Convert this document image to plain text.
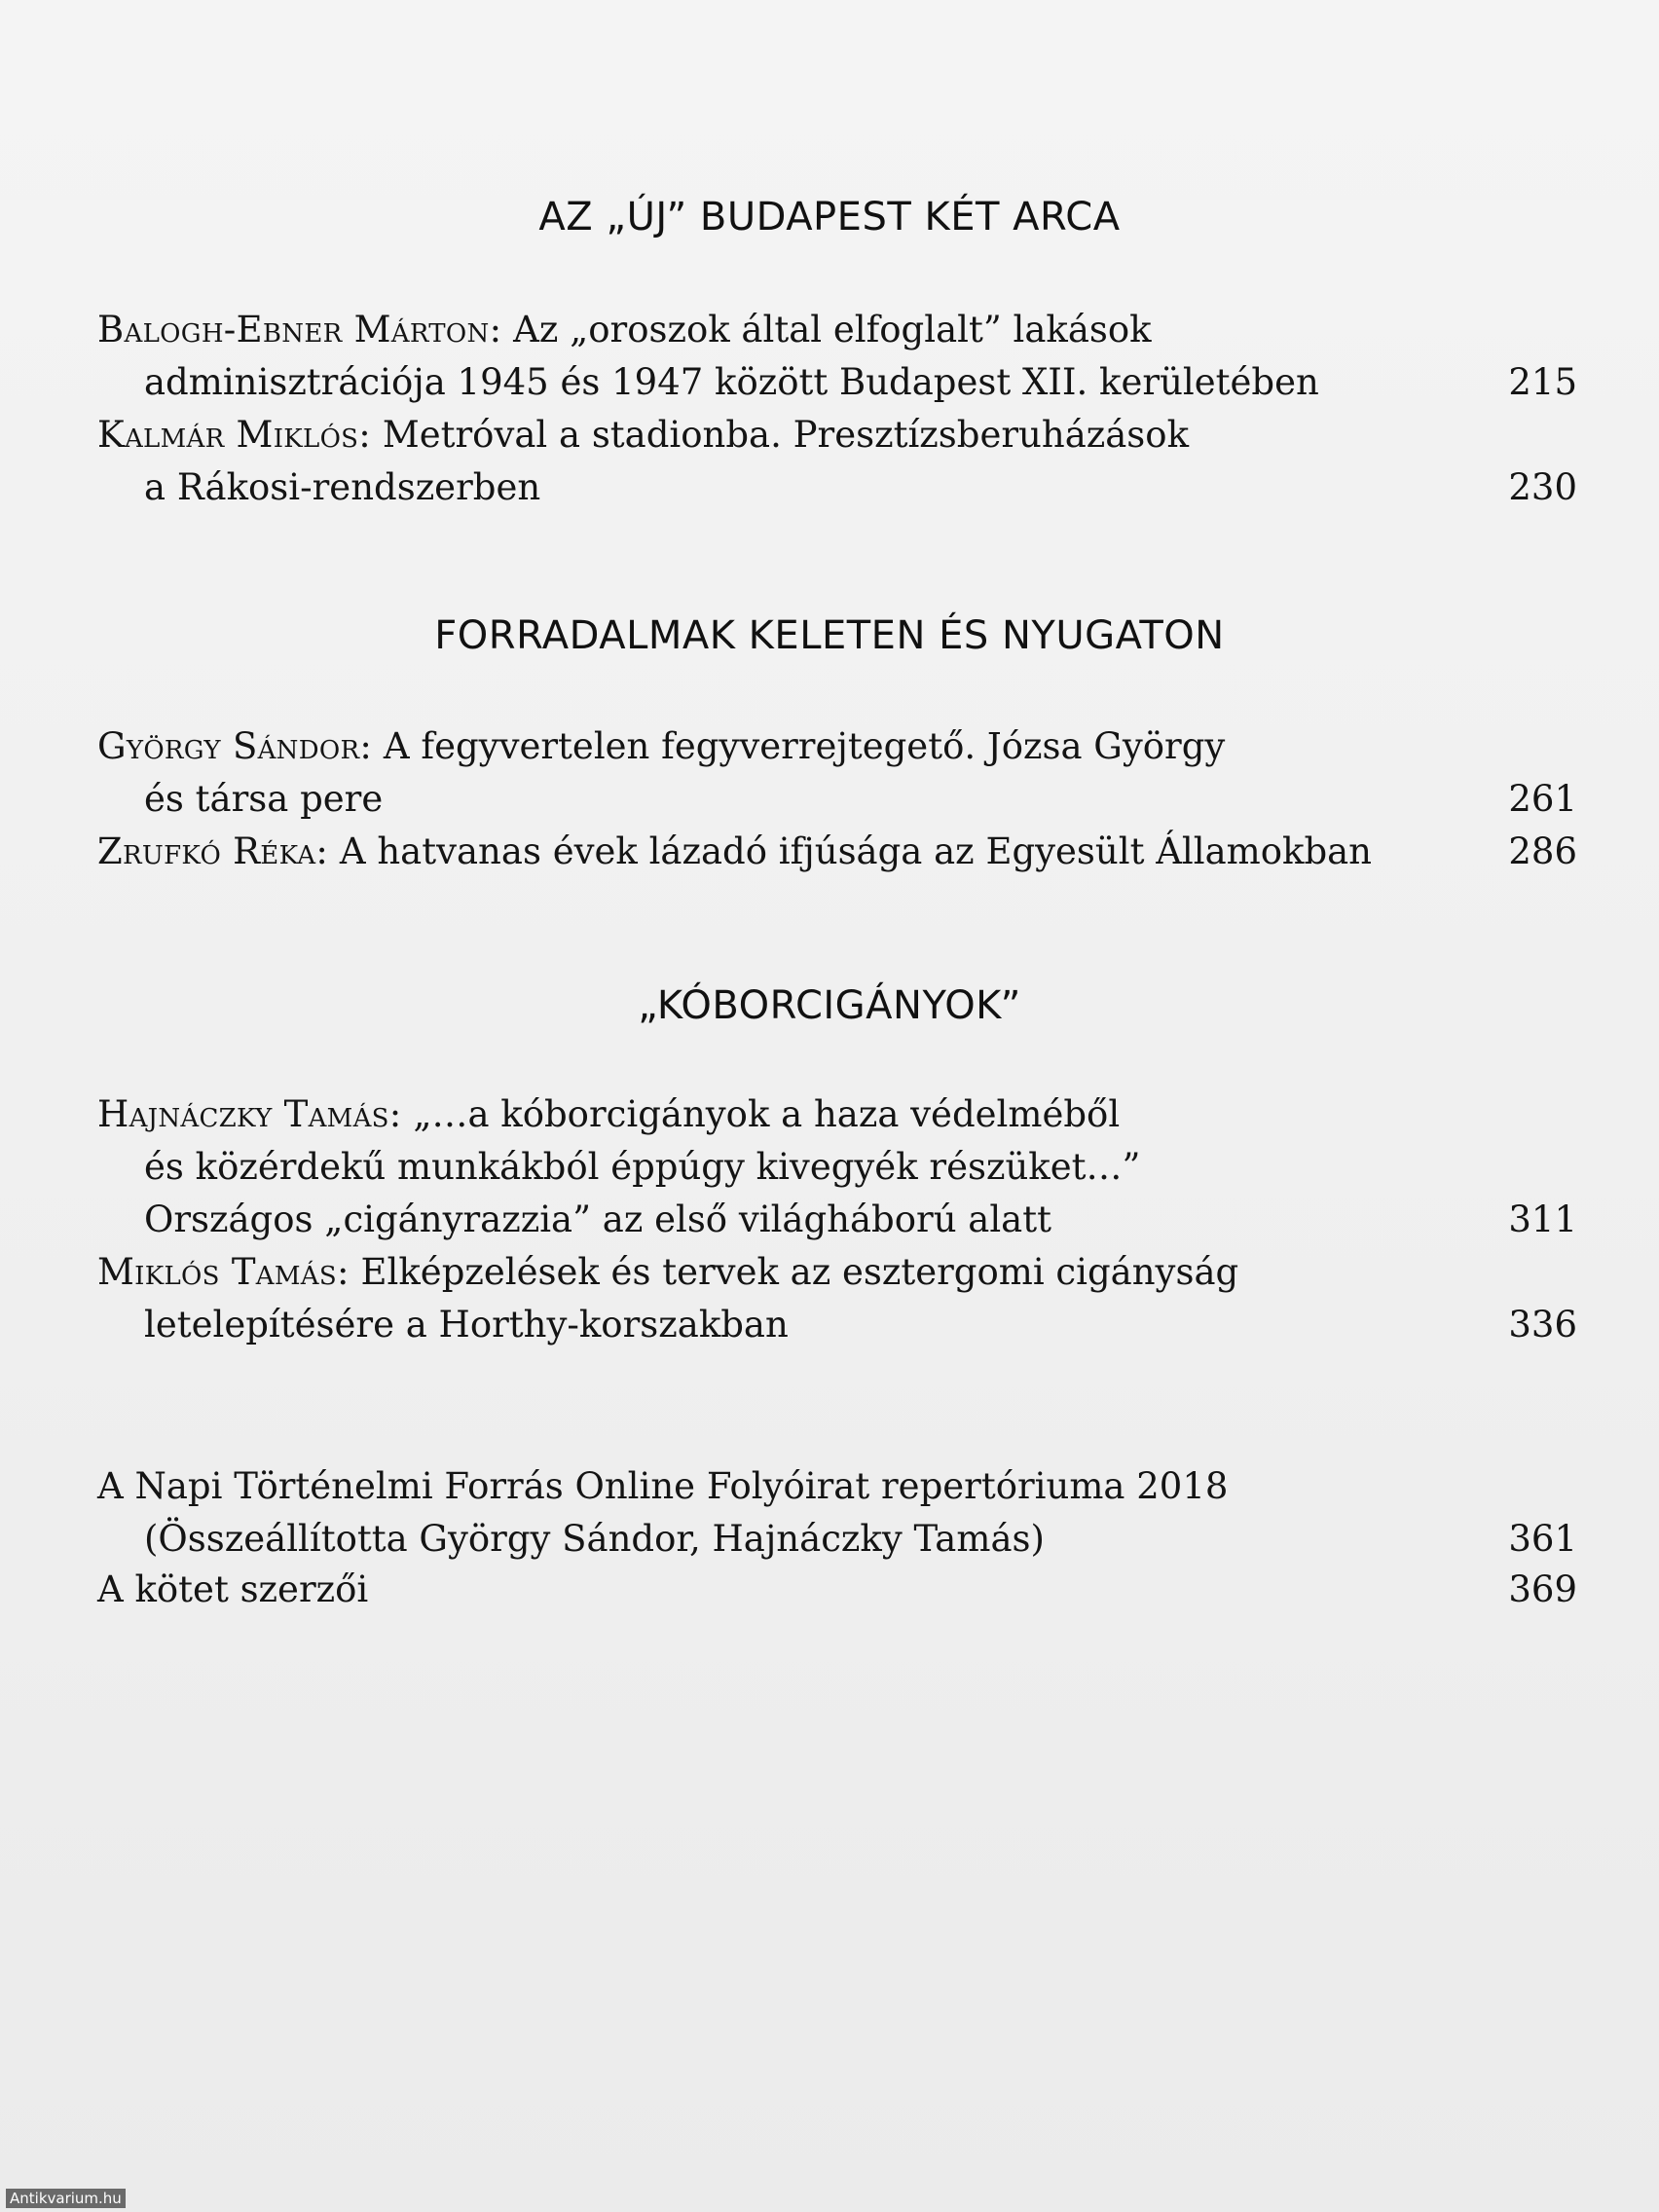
AZ „ÚJ” BUDAPEST KÉT ARCA
Balogh-Ebner Márton: Az „oroszok által elfoglalt” lakások
adminisztrációja 1945 és 1947 között Budapest XII. kerületében	215
Kalmár Miklós: Metróval a stadionba. Presztízsberuházások
a Rákosi-rendszerben	230
FORRADALMAK KELETEN ÉS NYUGATON
György Sándor: A fegyvertelen fegyverrejtegető. Józsa György
és társa pere	261
Zrufkó Réka: A hatvanas évek lázadó ifjúsága az Egyesült Államokban	286
„KÓBORCIGÁNYOK”
Hajnáczky Tamás: „…a kóborcigányok a haza védelméből
és közérdekű munkákból éppúgy kivegyék részüket…”
Országos „cigányrazzia” az első világháború alatt	311
Miklós Tamás: Elképzelések és tervek az esztergomi cigányság
letelepítésére a Horthy-korszakban	336
A Napi Történelmi Forrás Online Folyóirat repertóriuma 2018
(Összeállította György Sándor, Hajnáczky Tamás)	361
A kötet szerzői	369
Antikvarium.hu
